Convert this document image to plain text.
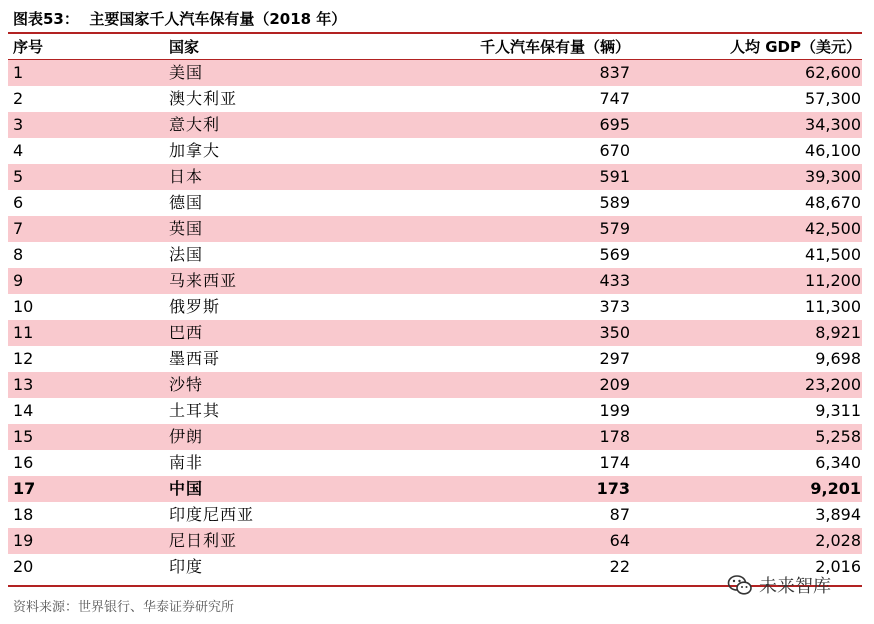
图表53：  主要国家千人汽车保有量（2018 年）
序号	国家	千人汽车保有量（辆）	人均 GDP（美元）
1	美国	837	62,600
2	澳大利亚	747	57,300
3	意大利	695	34,300
4	加拿大	670	46,100
5	日本	591	39,300
6	德国	589	48,670
7	英国	579	42,500
8	法国	569	41,500
9	马来西亚	433	11,200
10	俄罗斯	373	11,300
11	巴西	350	8,921
12	墨西哥	297	9,698
13	沙特	209	23,200
14	土耳其	199	9,311
15	伊朗	178	5,258
16	南非	174	6,340
17	中国	173	9,201
18	印度尼西亚	87	3,894
19	尼日利亚	64	2,028
20	印度	22	2,016
资料来源：世界银行、华泰证券研究所
未来智库
